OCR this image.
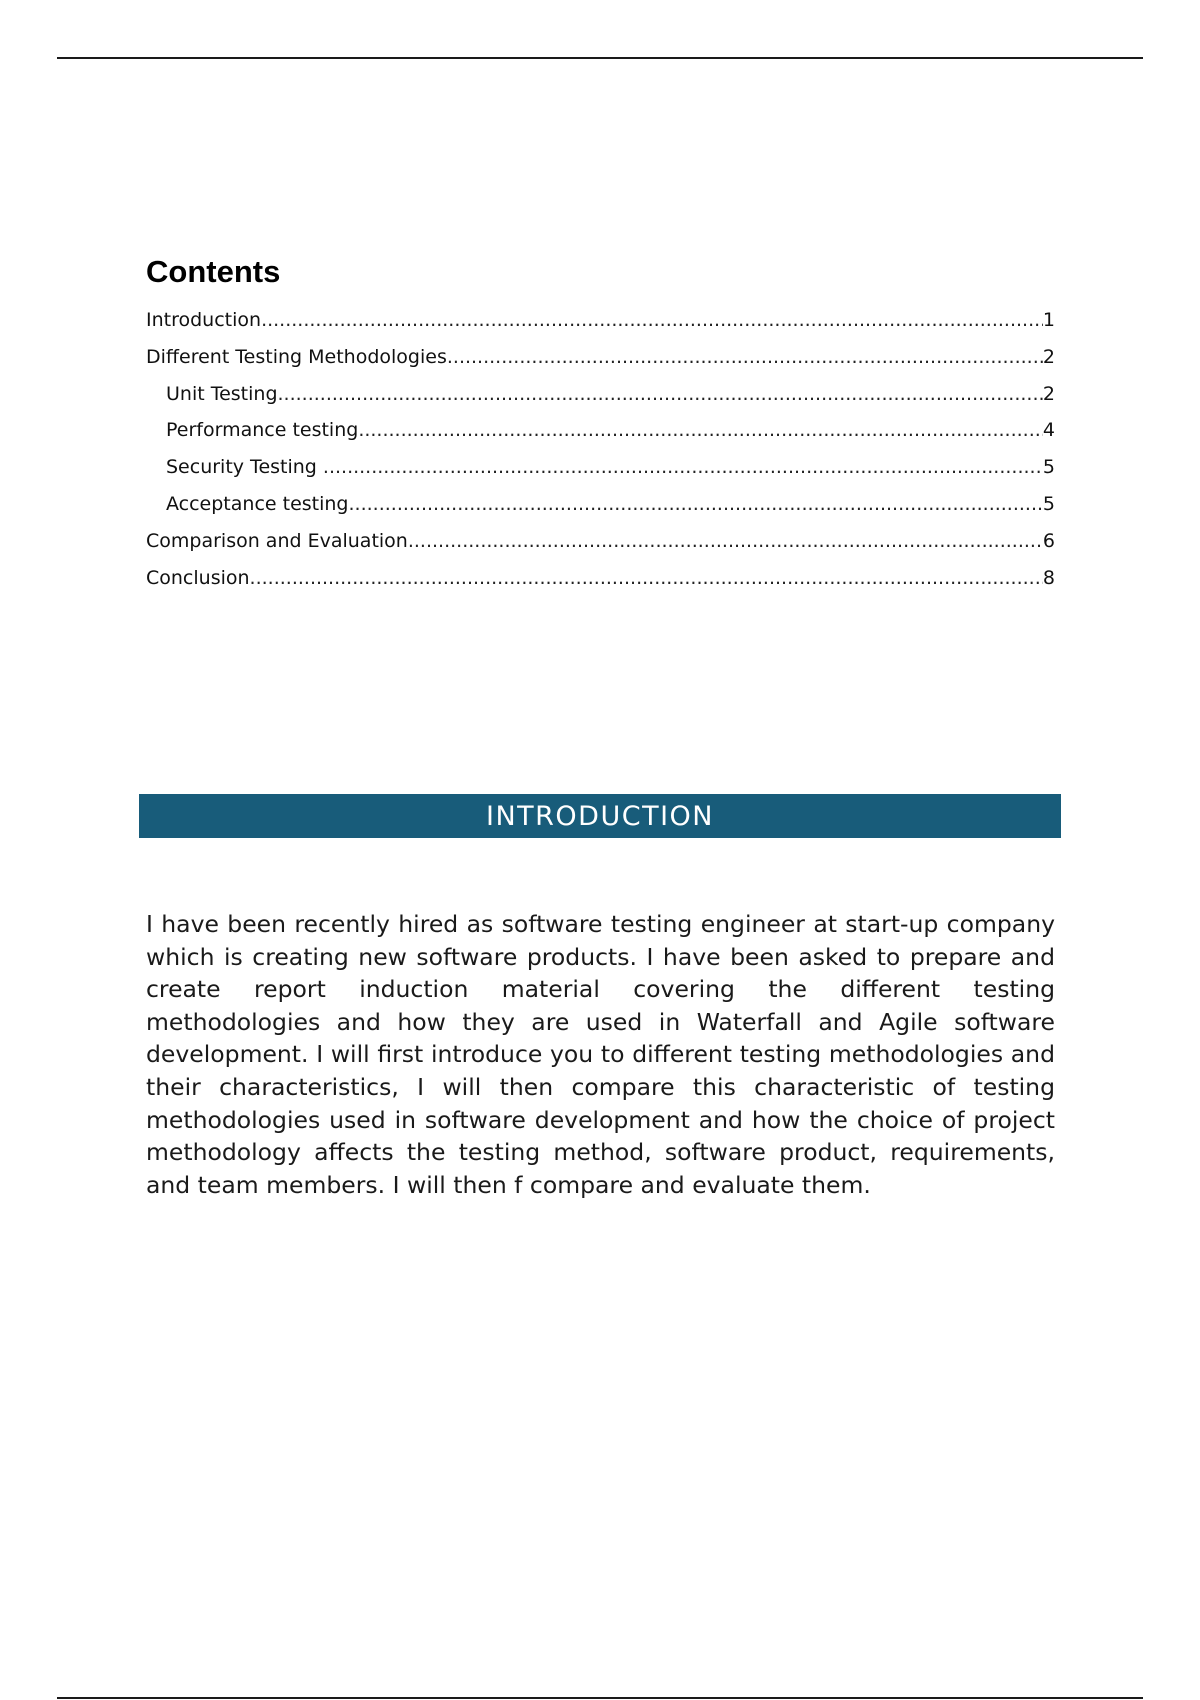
Contents
Introduction .....	1
Different Testing Methodologies .....	2
Unit Testing .....	2
Performance testing .....	4
Security Testing .....	5
Acceptance testing .....	5
Comparison and Evaluation .....	6
Conclusion .....	8
INTRODUCTION

I have been recently hired as software testing engineer at start-up company which is creating new software products. I have been asked to prepare and create report induction material covering the different testing methodologies and how they are used in Waterfall and Agile software development. I will first introduce you to different testing methodologies and their characteristics, I will then compare this characteristic of testing methodologies used in software development and how the choice of project methodology affects the testing method, software product, requirements, and team members. I will then f compare and evaluate them.
